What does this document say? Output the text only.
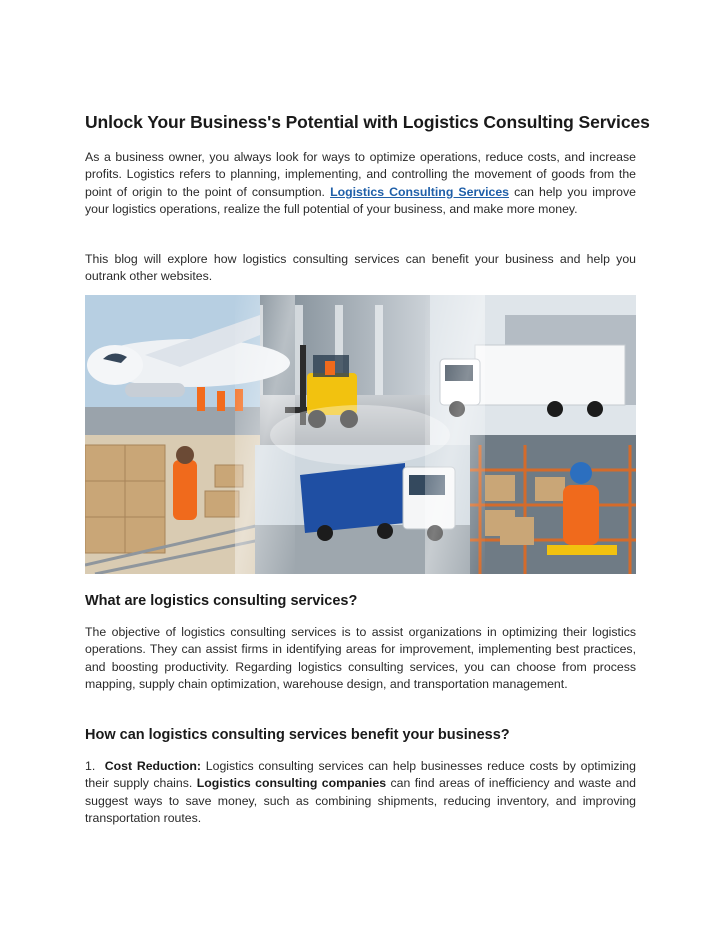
Unlock Your Business's Potential with Logistics Consulting Services

As a business owner, you always look for ways to optimize operations, reduce costs, and increase profits. Logistics refers to planning, implementing, and controlling the movement of goods from the point of origin to the point of consumption. Logistics Consulting Services can help you improve your logistics operations, realize the full potential of your business, and make more money.

This blog will explore how logistics consulting services can benefit your business and help you outrank other websites.

What are logistics consulting services?

The objective of logistics consulting services is to assist organizations in optimizing their logistics operations. They can assist firms in identifying areas for improvement, implementing best practices, and boosting productivity. Regarding logistics consulting services, you can choose from process mapping, supply chain optimization, warehouse design, and transportation management.

How can logistics consulting services benefit your business?

1. Cost Reduction: Logistics consulting services can help businesses reduce costs by optimizing their supply chains. Logistics consulting companies can find areas of inefficiency and waste and suggest ways to save money, such as combining shipments, reducing inventory, and improving transportation routes.
